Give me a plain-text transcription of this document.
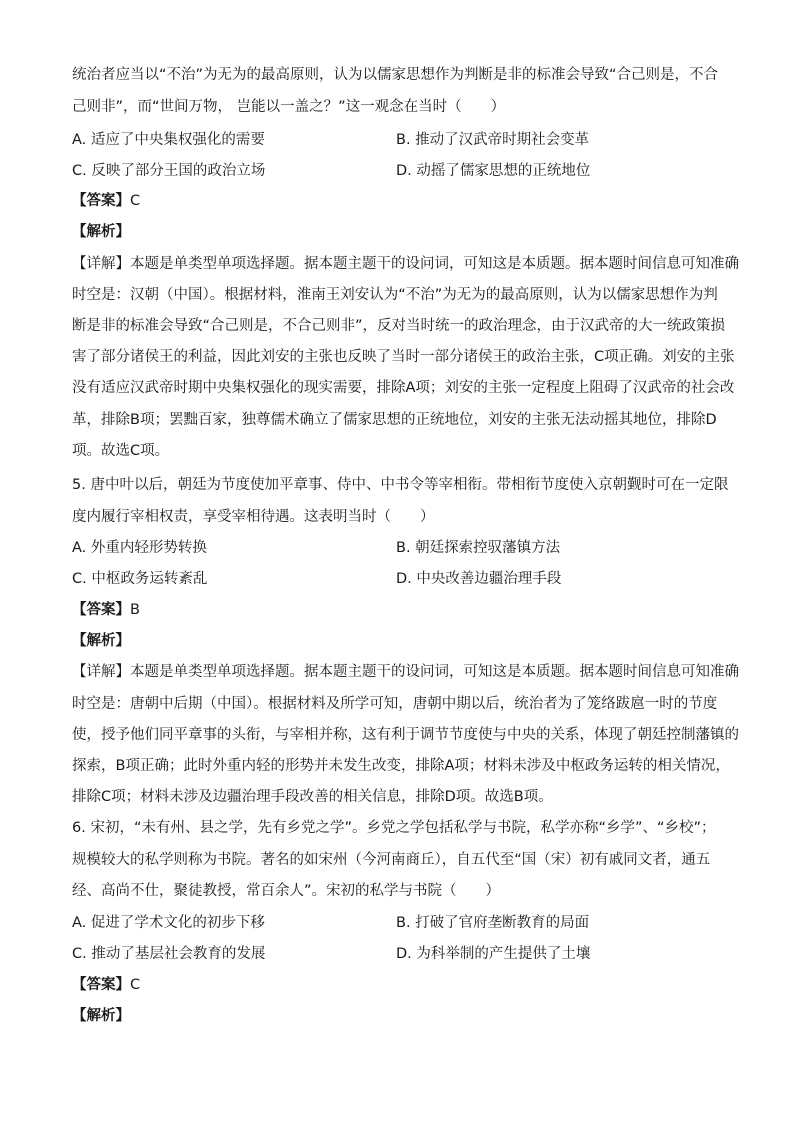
统治者应当以“不治”为无为的最高原则，认为以儒家思想作为判断是非的标准会导致“合己则是，不合
己则非”，而“世间万物， 岂能以一盖之？”这一观念在当时（　　）
A. 适应了中央集权强化的需要	B. 推动了汉武帝时期社会变革
C. 反映了部分王国的政治立场	D. 动摇了儒家思想的正统地位
【答案】C
【解析】
【详解】本题是单类型单项选择题。据本题主题干的设问词，可知这是本质题。据本题时间信息可知准确
时空是：汉朝（中国）。根据材料，淮南王刘安认为“不治”为无为的最高原则，认为以儒家思想作为判
断是非的标准会导致“合己则是，不合己则非”，反对当时统一的政治理念，由于汉武帝的大一统政策损
害了部分诸侯王的利益，因此刘安的主张也反映了当时一部分诸侯王的政治主张，C项正确。刘安的主张
没有适应汉武帝时期中央集权强化的现实需要，排除A项；刘安的主张一定程度上阻碍了汉武帝的社会改
革，排除B项；罢黜百家，独尊儒术确立了儒家思想的正统地位，刘安的主张无法动摇其地位，排除D
项。故选C项。
5. 唐中叶以后，朝廷为节度使加平章事、侍中、中书令等宰相衔。带相衔节度使入京朝觐时可在一定限
度内履行宰相权责，享受宰相待遇。这表明当时（　　）
A. 外重内轻形势转换	B. 朝廷探索控驭藩镇方法
C. 中枢政务运转紊乱	D. 中央改善边疆治理手段
【答案】B
【解析】
【详解】本题是单类型单项选择题。据本题主题干的设问词，可知这是本质题。据本题时间信息可知准确
时空是：唐朝中后期（中国）。根据材料及所学可知，唐朝中期以后，统治者为了笼络跋扈一时的节度
使，授予他们同平章事的头衔，与宰相并称，这有利于调节节度使与中央的关系，体现了朝廷控制藩镇的
探索，B项正确；此时外重内轻的形势并未发生改变，排除A项；材料未涉及中枢政务运转的相关情况，
排除C项；材料未涉及边疆治理手段改善的相关信息，排除D项。故选B项。
6. 宋初，“未有州、县之学，先有乡党之学”。乡党之学包括私学与书院，私学亦称“乡学”、“乡校”；
规模较大的私学则称为书院。著名的如宋州（今河南商丘），自五代至“国（宋）初有戚同文者，通五
经、高尚不仕，聚徒教授，常百余人”。宋初的私学与书院（　　）
A. 促进了学术文化的初步下移	B. 打破了官府垄断教育的局面
C. 推动了基层社会教育的发展	D. 为科举制的产生提供了土壤
【答案】C
【解析】
